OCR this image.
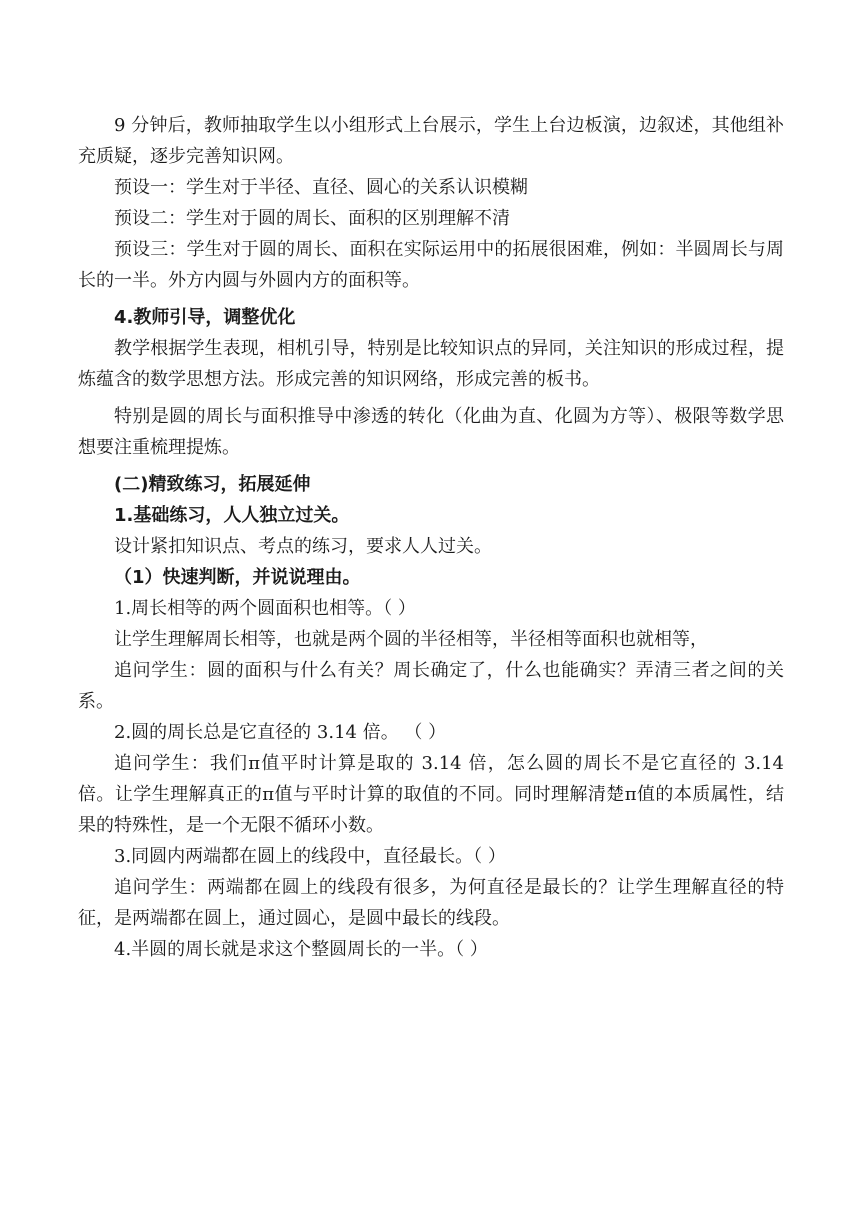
9 分钟后，教师抽取学生以小组形式上台展示，学生上台边板演，边叙述，其他组补充质疑，逐步完善知识网。

预设一：学生对于半径、直径、圆心的关系认识模糊

预设二：学生对于圆的周长、面积的区别理解不清

预设三：学生对于圆的周长、面积在实际运用中的拓展很困难，例如：半圆周长与周长的一半。外方内圆与外圆内方的面积等。

4.教师引导，调整优化

教学根据学生表现，相机引导，特别是比较知识点的异同，关注知识的形成过程，提炼蕴含的数学思想方法。形成完善的知识网络，形成完善的板书。

特别是圆的周长与面积推导中渗透的转化（化曲为直、化圆为方等）、极限等数学思想要注重梳理提炼。

(二)精致练习，拓展延伸

1.基础练习，人人独立过关。

设计紧扣知识点、考点的练习，要求人人过关。

（1）快速判断，并说说理由。

1.周长相等的两个圆面积也相等。（ ）

让学生理解周长相等，也就是两个圆的半径相等，半径相等面积也就相等，

追问学生：圆的面积与什么有关？周长确定了，什么也能确实？弄清三者之间的关系。

2.圆的周长总是它直径的 3.14 倍。 （ ）

追问学生：我们π值平时计算是取的 3.14 倍，怎么圆的周长不是它直径的 3.14 倍。让学生理解真正的π值与平时计算的取值的不同。同时理解清楚π值的本质属性，结果的特殊性，是一个无限不循环小数。

3.同圆内两端都在圆上的线段中，直径最长。（ ）

追问学生：两端都在圆上的线段有很多，为何直径是最长的？让学生理解直径的特征，是两端都在圆上，通过圆心，是圆中最长的线段。

4.半圆的周长就是求这个整圆周长的一半。（ ）
